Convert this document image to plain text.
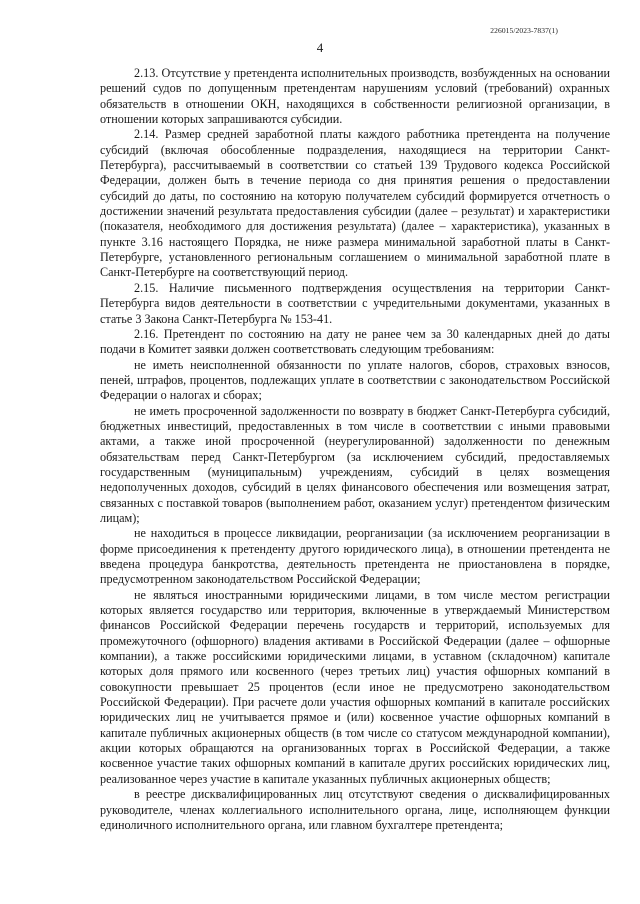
226015/2023-7837(1)
4

2.13. Отсутствие у претендента исполнительных производств, возбужденных на основании решений судов по допущенным претендентам нарушениям условий (требований) охранных обязательств в отношении ОКН, находящихся в собственности религиозной организации, в отношении которых запрашиваются субсидии.

2.14. Размер средней заработной платы каждого работника претендента на получение субсидий (включая обособленные подразделения, находящиеся на территории Санкт-Петербурга), рассчитываемый в соответствии со статьей 139 Трудового кодекса Российской Федерации, должен быть в течение периода со дня принятия решения о предоставлении субсидий до даты, по состоянию на которую получателем субсидий формируется отчетность о достижении значений результата предоставления субсидии (далее – результат) и характеристики (показателя, необходимого для достижения результата) (далее – характеристика), указанных в пункте 3.16 настоящего Порядка, не ниже размера минимальной заработной платы в Санкт-Петербурге, установленного региональным соглашением о минимальной заработной плате в Санкт-Петербурге на соответствующий период.

2.15. Наличие письменного подтверждения осуществления на территории Санкт-Петербурга видов деятельности в соответствии с учредительными документами, указанных в статье 3 Закона Санкт-Петербурга № 153-41.

2.16. Претендент по состоянию на дату не ранее чем за 30 календарных дней до даты подачи в Комитет заявки должен соответствовать следующим требованиям:

не иметь неисполненной обязанности по уплате налогов, сборов, страховых взносов, пеней, штрафов, процентов, подлежащих уплате в соответствии с законодательством Российской Федерации о налогах и сборах;

не иметь просроченной задолженности по возврату в бюджет Санкт-Петербурга субсидий, бюджетных инвестиций, предоставленных в том числе в соответствии с иными правовыми актами, а также иной просроченной (неурегулированной) задолженности по денежным обязательствам перед Санкт-Петербургом (за исключением субсидий, предоставляемых государственным (муниципальным) учреждениям, субсидий в целях возмещения недополученных доходов, субсидий в целях финансового обеспечения или возмещения затрат, связанных с поставкой товаров (выполнением работ, оказанием услуг) претендентом физическим лицам);

не находиться в процессе ликвидации, реорганизации (за исключением реорганизации в форме присоединения к претенденту другого юридического лица), в отношении претендента не введена процедура банкротства, деятельность претендента не приостановлена в порядке, предусмотренном законодательством Российской Федерации;

не являться иностранными юридическими лицами, в том числе местом регистрации которых является государство или территория, включенные в утверждаемый Министерством финансов Российской Федерации перечень государств и территорий, используемых для промежуточного (офшорного) владения активами в Российской Федерации (далее – офшорные компании), а также российскими юридическими лицами, в уставном (складочном) капитале которых доля прямого или косвенного (через третьих лиц) участия офшорных компаний в совокупности превышает 25 процентов (если иное не предусмотрено законодательством Российской Федерации). При расчете доли участия офшорных компаний в капитале российских юридических лиц не учитывается прямое и (или) косвенное участие офшорных компаний в капитале публичных акционерных обществ (в том числе со статусом международной компании), акции которых обращаются на организованных торгах в Российской Федерации, а также косвенное участие таких офшорных компаний в капитале других российских юридических лиц, реализованное через участие в капитале указанных публичных акционерных обществ;

в реестре дисквалифицированных лиц отсутствуют сведения о дисквалифицированных руководителе, членах коллегиального исполнительного органа, лице, исполняющем функции единоличного исполнительного органа, или главном бухгалтере претендента;
